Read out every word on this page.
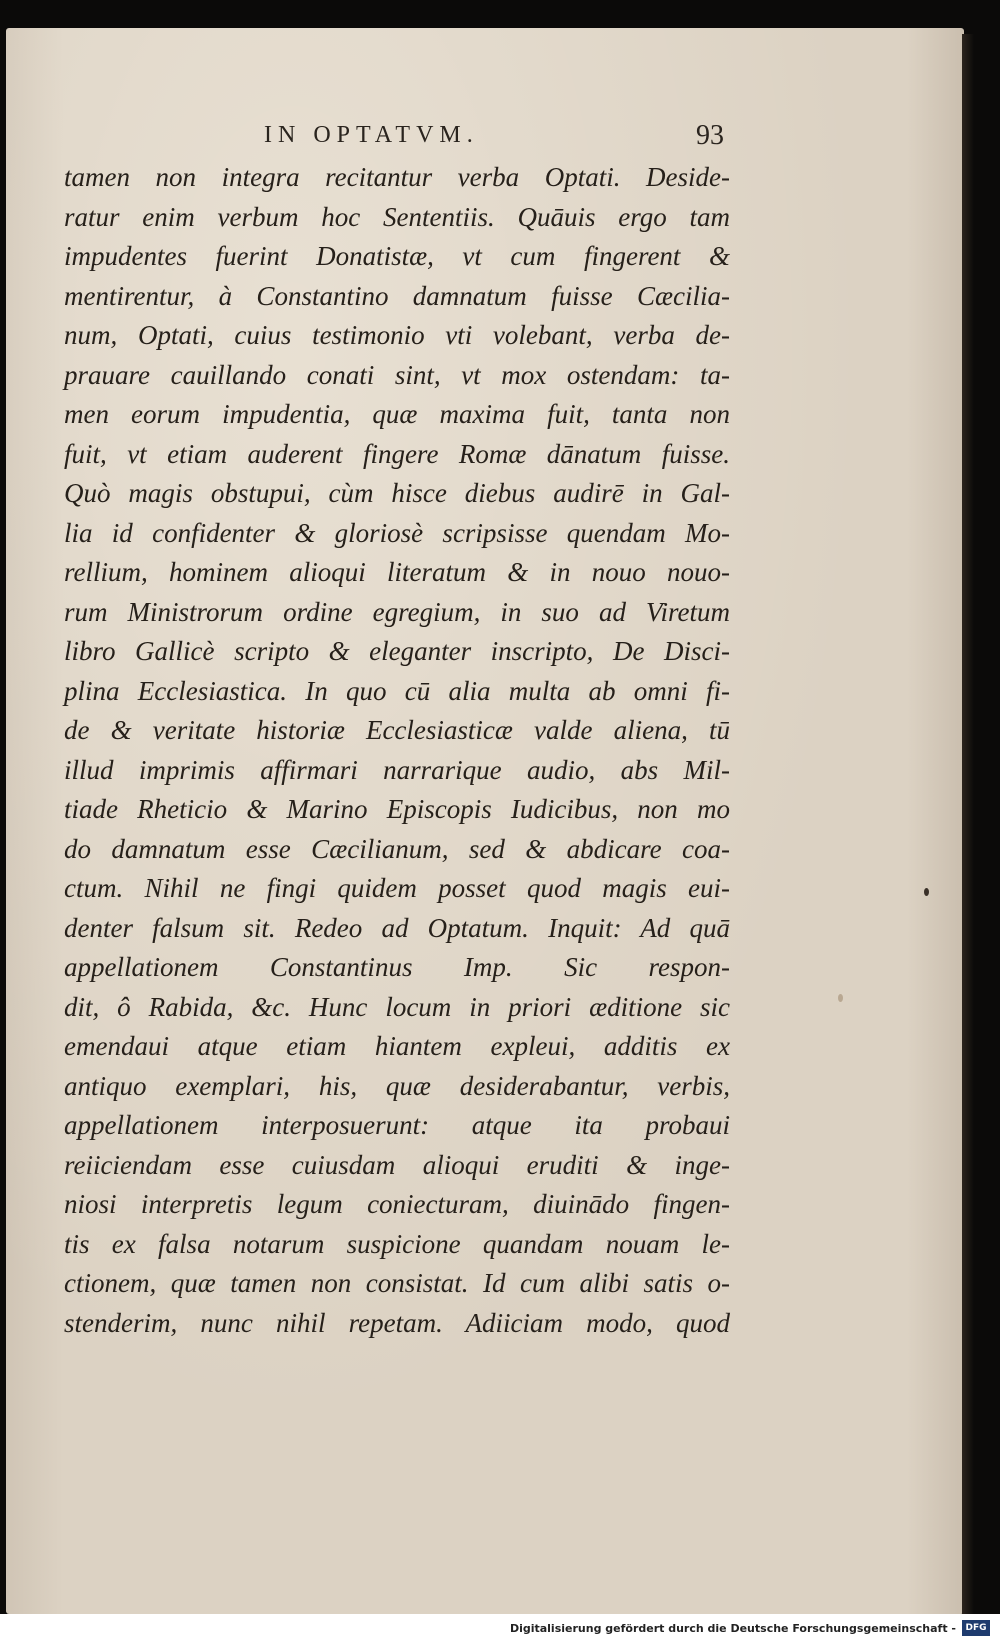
IN OPTATVM.	93
tamen non integra recitantur verba Optati. Deside-
ratur enim verbum hoc Sententiis. Quāuis ergo tam
impudentes fuerint Donatistæ, vt cum fingerent &
mentirentur, à Constantino damnatum fuisse Cæcilia-
num, Optati, cuius testimonio vti volebant, verba de-
prauare cauillando conati sint, vt mox ostendam: ta-
men eorum impudentia, quæ maxima fuit, tanta non
fuit, vt etiam auderent fingere Romæ dānatum fuisse.
Quò magis obstupui, cùm hisce diebus audirē in Gal-
lia id confidenter & gloriosè scripsisse quendam Mo-
rellium, hominem alioqui literatum & in nouo nouo-
rum Ministrorum ordine egregium, in suo ad Viretum
libro Gallicè scripto & eleganter inscripto, De Disci-
plina Ecclesiastica. In quo cū alia multa ab omni fi-
de & veritate historiæ Ecclesiasticæ valde aliena, tū
illud imprimis affirmari narrarique audio, abs Mil-
tiade Rheticio & Marino Episcopis Iudicibus, non mo
do damnatum esse Cæcilianum, sed & abdicare coa-
ctum. Nihil ne fingi quidem posset quod magis eui-
denter falsum sit. Redeo ad Optatum. Inquit: Ad quā
appellationem Constantinus Imp. Sic respon-
dit, ô Rabida, &c. Hunc locum in priori æditione sic
emendaui atque etiam hiantem expleui, additis ex
antiquo exemplari, his, quæ desiderabantur, verbis,
appellationem interposuerunt: atque ita probaui
reiiciendam esse cuiusdam alioqui eruditi & inge-
niosi interpretis legum coniecturam, diuinādo fingen-
tis ex falsa notarum suspicione quandam nouam le-
ctionem, quæ tamen non consistat. Id cum alibi satis o-
stenderim, nunc nihil repetam. Adiiciam modo, quod
Digitalisierung gefördert durch die Deutsche Forschungsgemeinschaft -	DFG
